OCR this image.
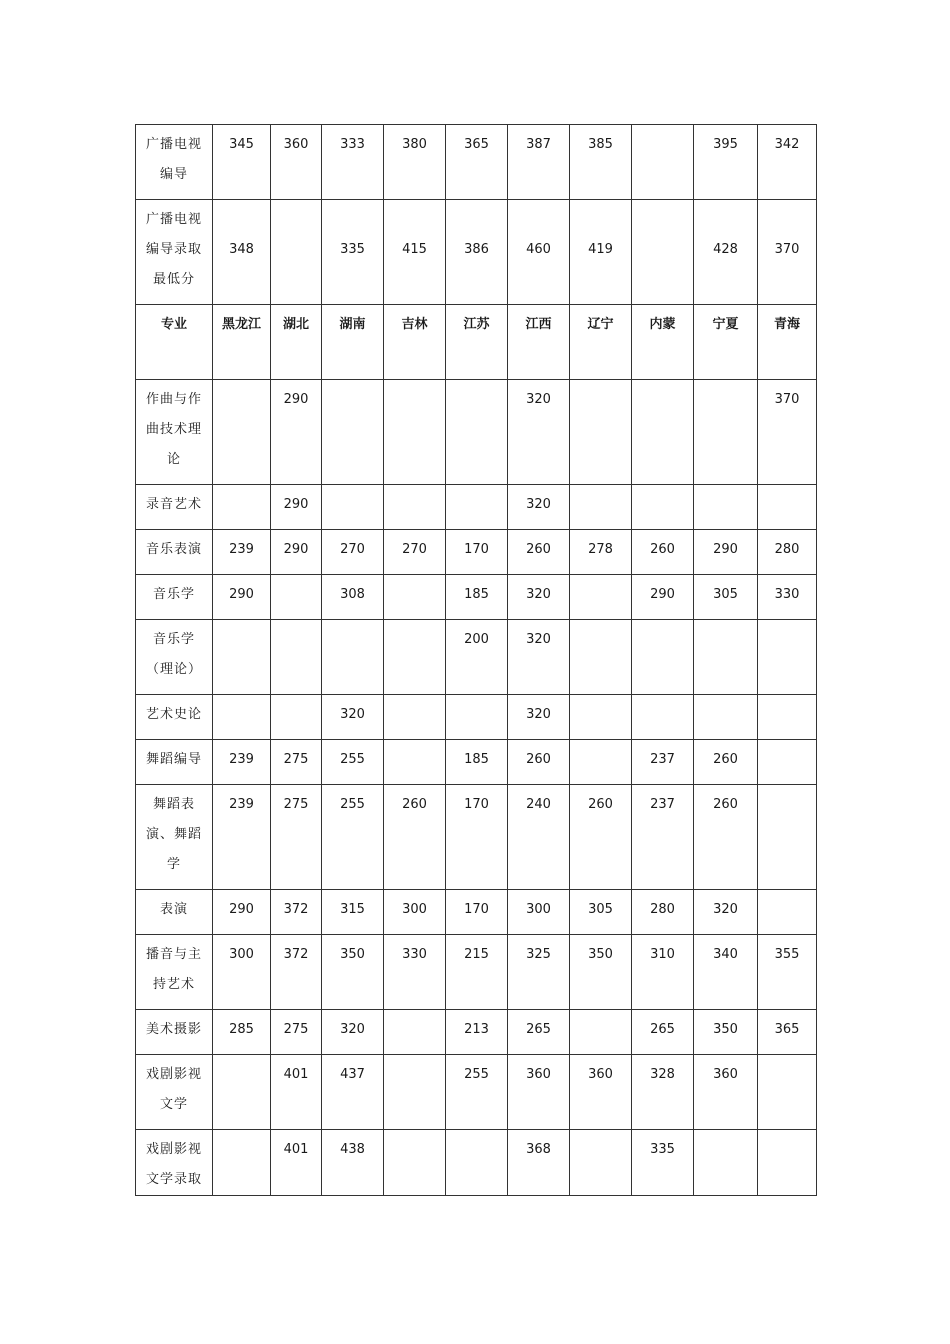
广播电视编导	345	360	333	380	365	387	385		395	342
广播电视编导录取最低分	348		335	415	386	460	419		428	370
专业	黑龙江	湖北	湖南	吉林	江苏	江西	辽宁	内蒙	宁夏	青海
作曲与作曲技术理论		290				320				370
录音艺术		290				320				
音乐表演	239	290	270	270	170	260	278	260	290	280
音乐学	290		308		185	320		290	305	330
音乐学（理论）					200	320				
艺术史论			320			320				
舞蹈编导	239	275	255		185	260		237	260	
舞蹈表演、舞蹈学	239	275	255	260	170	240	260	237	260	
表演	290	372	315	300	170	300	305	280	320	
播音与主持艺术	300	372	350	330	215	325	350	310	340	355
美术摄影	285	275	320		213	265		265	350	365
戏剧影视文学		401	437		255	360	360	328	360	
戏剧影视文学录取		401	438			368		335		
